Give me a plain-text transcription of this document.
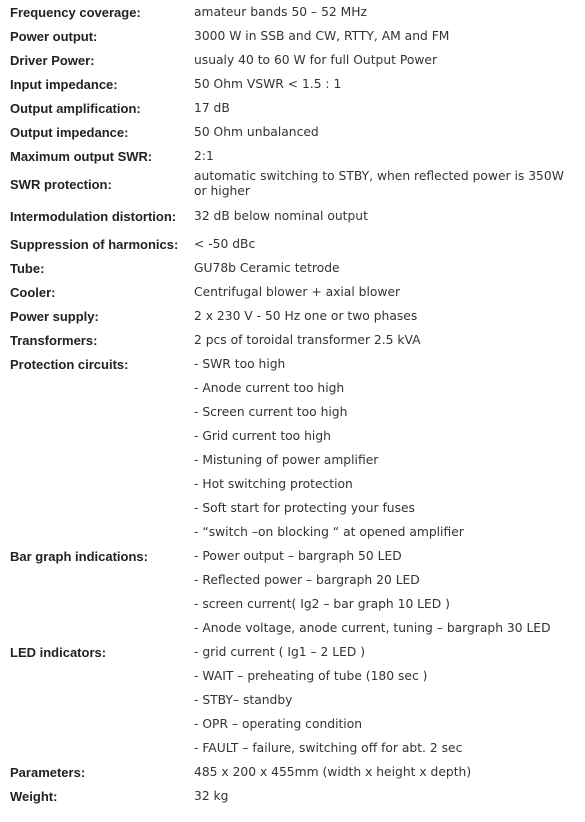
Frequency coverage:	amateur bands 50 – 52 MHz
Power output:	3000 W in SSB and CW, RTTY, AM and FM
Driver Power:	usualy 40 to 60 W for full Output Power
Input impedance:	50 Ohm VSWR < 1.5 : 1
Output amplification:	17 dB
Output impedance:	50 Ohm unbalanced
Maximum output SWR:	2:1
SWR protection:	automatic switching to STBY, when reflected power is 350W or higher
Intermodulation distortion:	32 dB below nominal output
Suppression of harmonics:	< -50 dBc
Tube:	GU78b Ceramic tetrode
Cooler:	Centrifugal blower + axial blower
Power supply:	2 x 230 V - 50 Hz one or two phases
Transformers:	2 pcs of toroidal transformer 2.5 kVA
Protection circuits:	- SWR too high
	- Anode current too high
	- Screen current too high
	- Grid current too high
	- Mistuning of power amplifier
	- Hot switching protection
	- Soft start for protecting your fuses
	- “switch –on blocking “ at opened amplifier
Bar graph indications:	- Power output – bargraph 50 LED
	- Reflected power – bargraph 20 LED
	- screen current( Ig2 – bar graph 10 LED )
	- Anode voltage, anode current, tuning – bargraph 30 LED
LED indicators:	- grid current ( Ig1 – 2 LED )
	- WAIT – preheating of tube (180 sec )
	- STBY– standby
	- OPR – operating condition
	- FAULT – failure, switching off for abt. 2 sec
Parameters:	485 x 200 x 455mm (width x height x depth)
Weight:	32 kg
